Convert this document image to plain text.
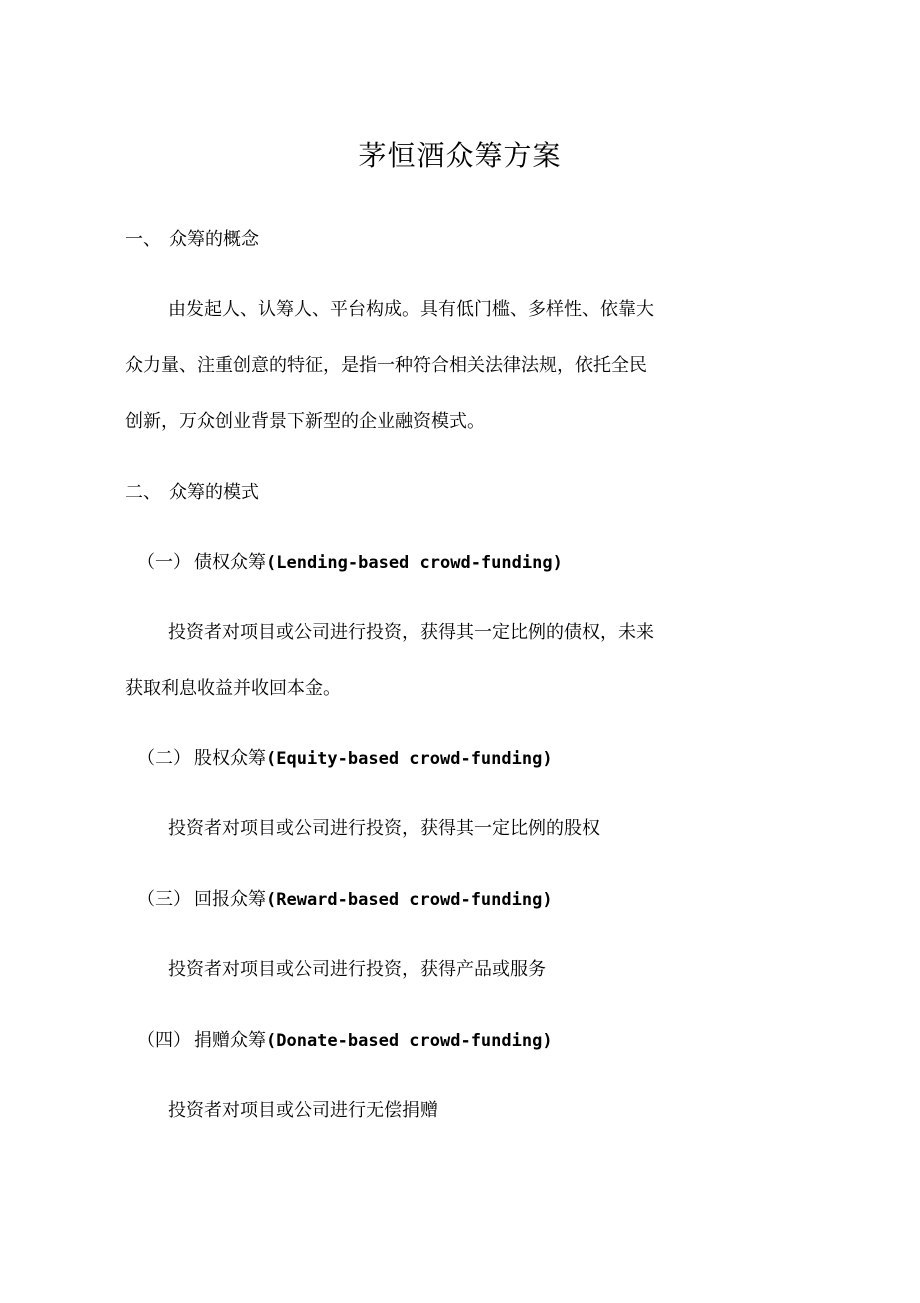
茅恒酒众筹方案
一、 众筹的概念
由发起人、认筹人、平台构成。具有低门槛、多样性、依靠大
众力量、注重创意的特征，是指一种符合相关法律法规，依托全民
创新，万众创业背景下新型的企业融资模式。
二、 众筹的模式
（一） 债权众筹(Lending-based crowd-funding)
投资者对项目或公司进行投资，获得其一定比例的债权，未来
获取利息收益并收回本金。
（二） 股权众筹(Equity-based crowd-funding)
投资者对项目或公司进行投资，获得其一定比例的股权
（三） 回报众筹(Reward-based crowd-funding)
投资者对项目或公司进行投资，获得产品或服务
（四） 捐赠众筹(Donate-based crowd-funding)
投资者对项目或公司进行无偿捐赠
